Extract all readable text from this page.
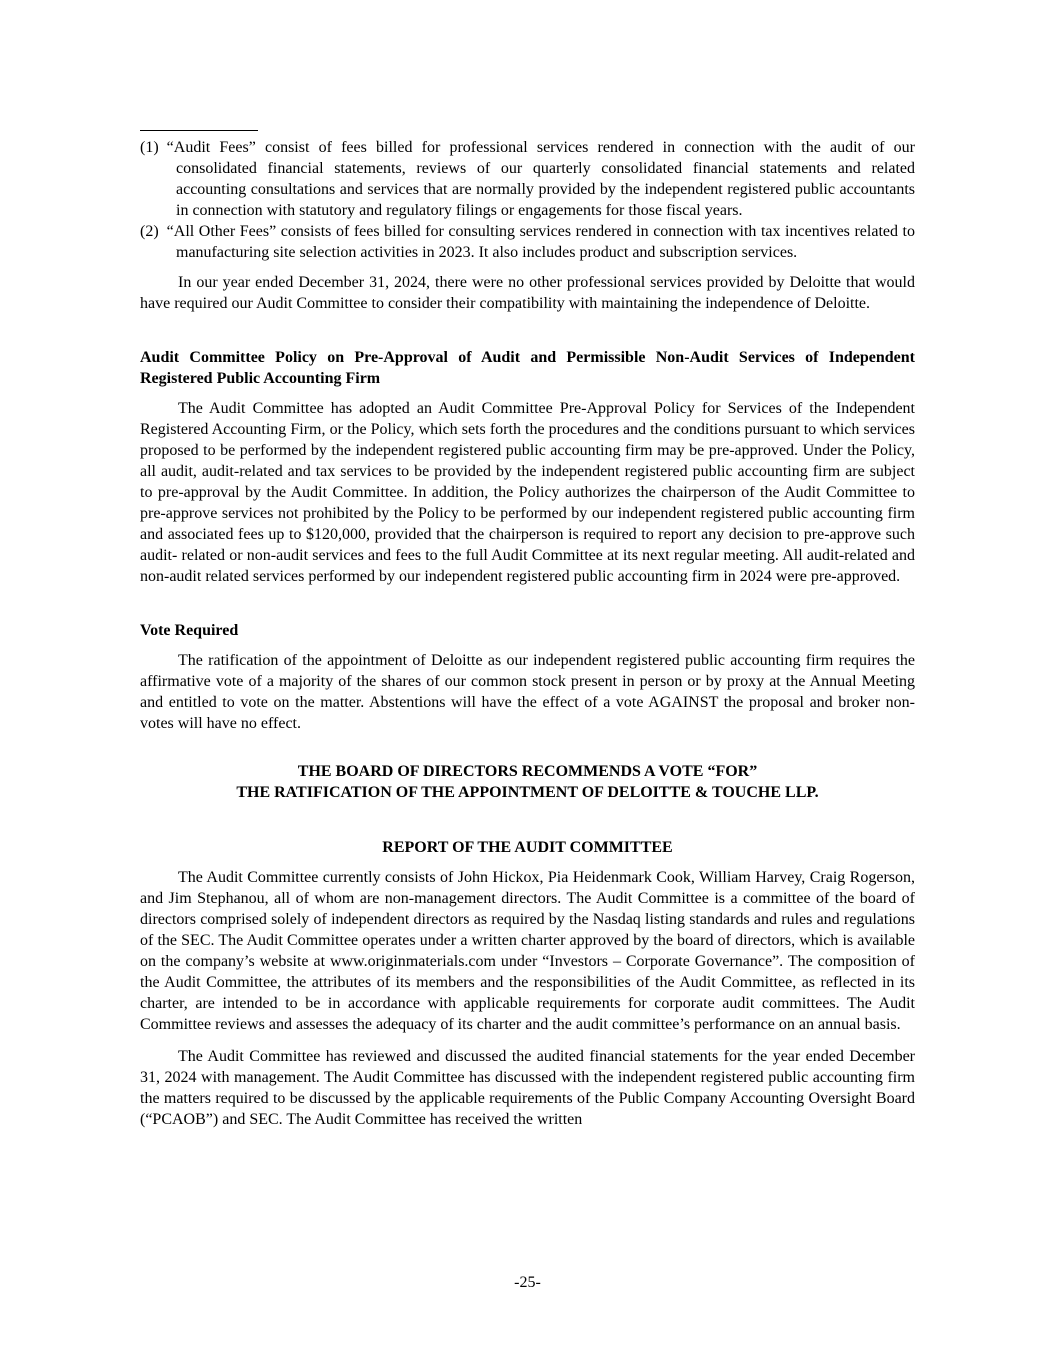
(1)  “Audit Fees” consist of fees billed for professional services rendered in connection with the audit of our consolidated financial statements, reviews of our quarterly consolidated financial statements and related accounting consultations and services that are normally provided by the independent registered public accountants in connection with statutory and regulatory filings or engagements for those fiscal years.

(2)  “All Other Fees” consists of fees billed for consulting services rendered in connection with tax incentives related to manufacturing site selection activities in 2023. It also includes product and subscription services.

In our year ended December 31, 2024, there were no other professional services provided by Deloitte that would have required our Audit Committee to consider their compatibility with maintaining the independence of Deloitte.

Audit Committee Policy on Pre-Approval of Audit and Permissible Non-Audit Services of Independent Registered Public Accounting Firm

The Audit Committee has adopted an Audit Committee Pre-Approval Policy for Services of the Independent Registered Accounting Firm, or the Policy, which sets forth the procedures and the conditions pursuant to which services proposed to be performed by the independent registered public accounting firm may be pre-approved. Under the Policy, all audit, audit-related and tax services to be provided by the independent registered public accounting firm are subject to pre-approval by the Audit Committee. In addition, the Policy authorizes the chairperson of the Audit Committee to pre-approve services not prohibited by the Policy to be performed by our independent registered public accounting firm and associated fees up to $120,000, provided that the chairperson is required to report any decision to pre-approve such audit- related or non-audit services and fees to the full Audit Committee at its next regular meeting. All audit-related and non-audit related services performed by our independent registered public accounting firm in 2024 were pre-approved.

Vote Required

The ratification of the appointment of Deloitte as our independent registered public accounting firm requires the affirmative vote of a majority of the shares of our common stock present in person or by proxy at the Annual Meeting and entitled to vote on the matter. Abstentions will have the effect of a vote AGAINST the proposal and broker non-votes will have no effect.

THE BOARD OF DIRECTORS RECOMMENDS A VOTE “FOR”
THE RATIFICATION OF THE APPOINTMENT OF DELOITTE & TOUCHE LLP.
REPORT OF THE AUDIT COMMITTEE

The Audit Committee currently consists of John Hickox, Pia Heidenmark Cook, William Harvey, Craig Rogerson, and Jim Stephanou, all of whom are non-management directors. The Audit Committee is a committee of the board of directors comprised solely of independent directors as required by the Nasdaq listing standards and rules and regulations of the SEC. The Audit Committee operates under a written charter approved by the board of directors, which is available on the company’s website at www.originmaterials.com under “Investors – Corporate Governance”. The composition of the Audit Committee, the attributes of its members and the responsibilities of the Audit Committee, as reflected in its charter, are intended to be in accordance with applicable requirements for corporate audit committees. The Audit Committee reviews and assesses the adequacy of its charter and the audit committee’s performance on an annual basis.

The Audit Committee has reviewed and discussed the audited financial statements for the year ended December 31, 2024 with management. The Audit Committee has discussed with the independent registered public accounting firm the matters required to be discussed by the applicable requirements of the Public Company Accounting Oversight Board (“PCAOB”) and SEC. The Audit Committee has received the written

-25-
